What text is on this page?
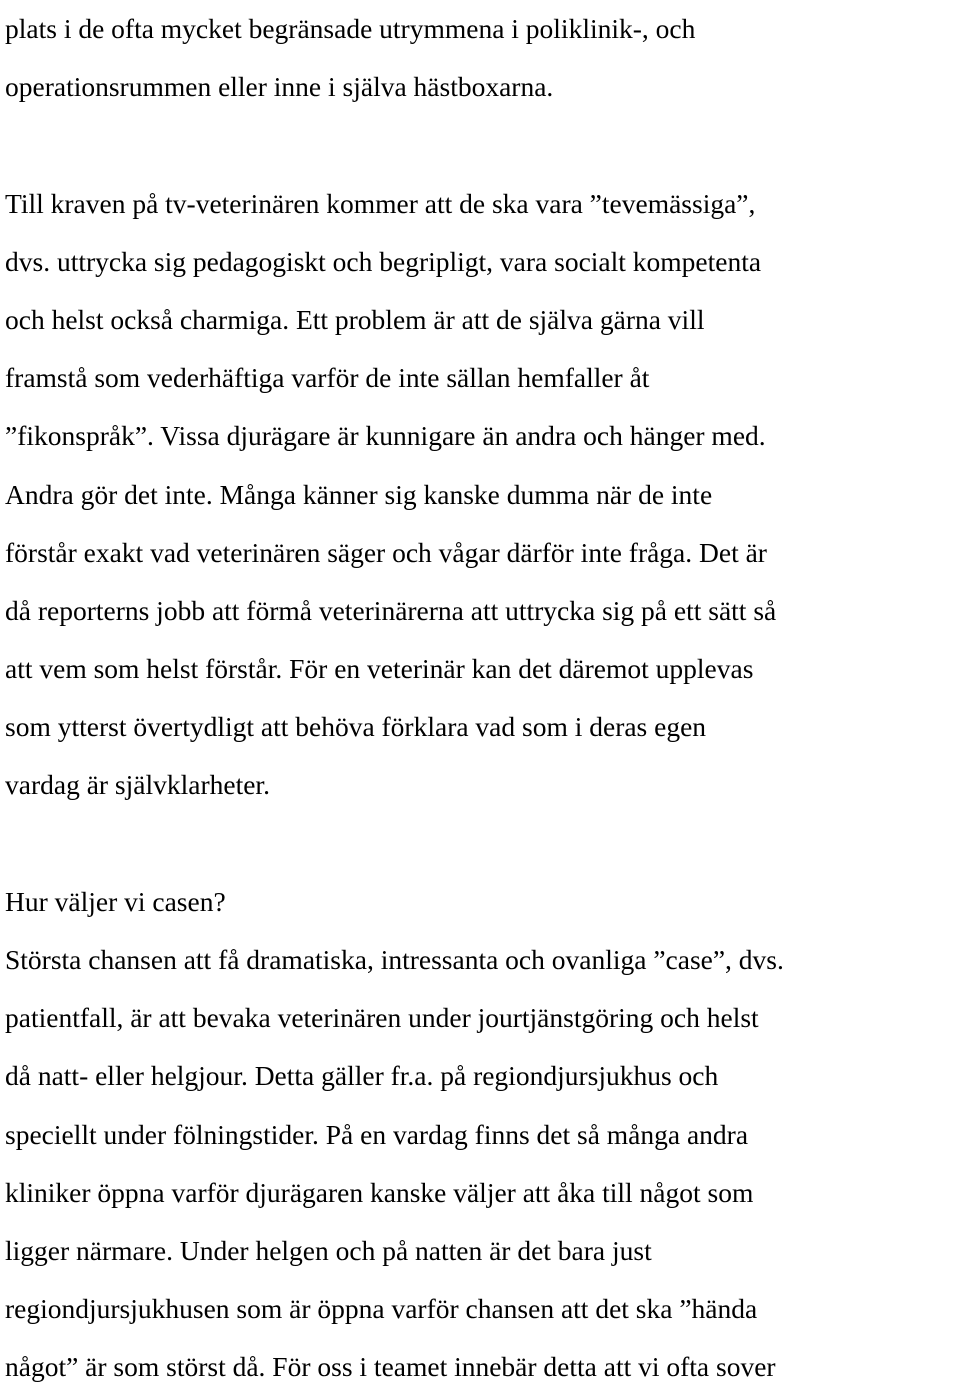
plats i de ofta mycket begränsade utrymmena i poliklinik-, och
operationsrummen eller inne i själva hästboxarna.
Till kraven på tv-veterinären kommer att de ska vara ”tevemässiga”,
dvs. uttrycka sig pedagogiskt och begripligt, vara socialt kompetenta
och helst också charmiga. Ett problem är att de själva gärna vill
framstå som vederhäftiga varför de inte sällan hemfaller åt
”fikonspråk”. Vissa djurägare är kunnigare än andra och hänger med.
Andra gör det inte. Många känner sig kanske dumma när de inte
förstår exakt vad veterinären säger och vågar därför inte fråga. Det är
då reporterns jobb att förmå veterinärerna att uttrycka sig på ett sätt så
att vem som helst förstår. För en veterinär kan det däremot upplevas
som ytterst övertydligt att behöva förklara vad som i deras egen
vardag är självklarheter.
Hur väljer vi casen?
Största chansen att få dramatiska, intressanta och ovanliga ”case”, dvs.
patientfall, är att bevaka veterinären under jourtjänstgöring och helst
då natt- eller helgjour. Detta gäller fr.a. på regiondjursjukhus och
speciellt under fölningstider. På en vardag finns det så många andra
kliniker öppna varför djurägaren kanske väljer att åka till något som
ligger närmare. Under helgen och på natten är det bara just
regiondjursjukhusen som är öppna varför chansen att det ska ”hända
något” är som störst då. För oss i teamet innebär detta att vi ofta sover
